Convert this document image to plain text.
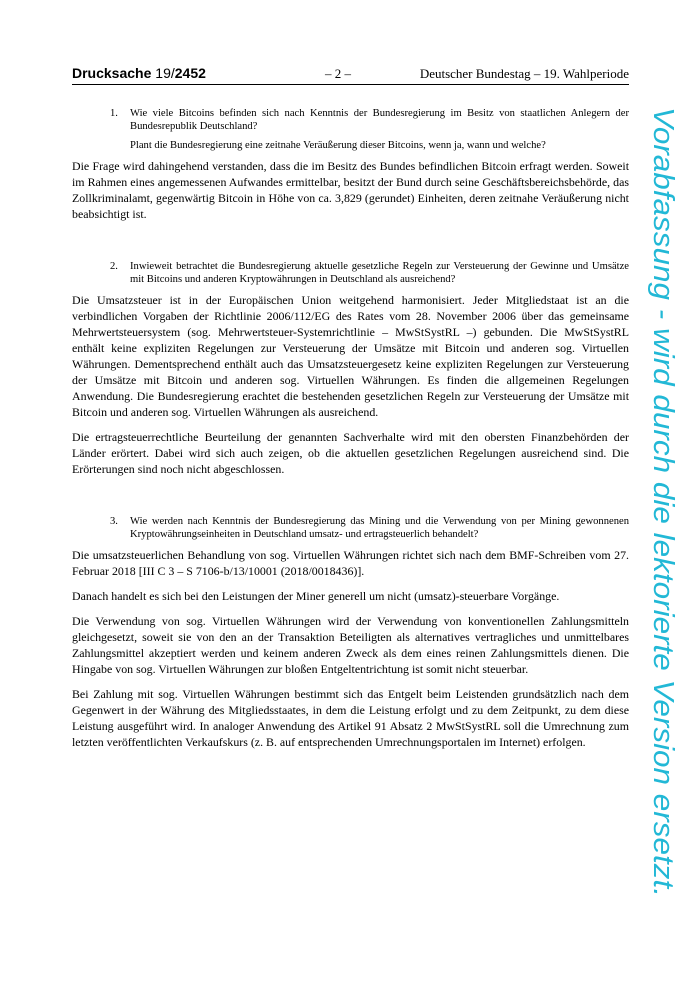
Drucksache 19/2452	– 2 –	Deutscher Bundestag – 19. Wahlperiode
1. Wie viele Bitcoins befinden sich nach Kenntnis der Bundesregierung im Besitz von staatlichen Anlegern der Bundesrepublik Deutschland?

Plant die Bundesregierung eine zeitnahe Veräußerung dieser Bitcoins, wenn ja, wann und welche?

Die Frage wird dahingehend verstanden, dass die im Besitz des Bundes befindlichen Bitcoin erfragt werden. Soweit im Rahmen eines angemessenen Aufwandes ermittelbar, besitzt der Bund durch seine Geschäftsbereichsbehörde, das Zollkriminalamt, gegenwärtig Bitcoin in Höhe von ca. 3,829 (gerundet) Einheiten, deren zeitnahe Veräußerung nicht beabsichtigt ist.

2. Inwieweit betrachtet die Bundesregierung aktuelle gesetzliche Regeln zur Versteuerung der Gewinne und Umsätze mit Bitcoins und anderen Kryptowährungen in Deutschland als ausreichend?

Die Umsatzsteuer ist in der Europäischen Union weitgehend harmonisiert. Jeder Mitgliedstaat ist an die verbindlichen Vorgaben der Richtlinie 2006/112/EG des Rates vom 28. November 2006 über das gemeinsame Mehrwertsteuersystem (sog. Mehrwertsteuer-Systemrichtlinie – MwStSystRL –) gebunden. Die MwStSystRL enthält keine expliziten Regelungen zur Versteuerung der Umsätze mit Bitcoin und anderen sog. Virtuellen Währungen. Dementsprechend enthält auch das Umsatzsteuergesetz keine expliziten Regelungen zur Versteuerung der Umsätze mit Bitcoin und anderen sog. Virtuellen Währungen. Es finden die allgemeinen Regelungen Anwendung. Die Bundesregierung erachtet die bestehenden gesetzlichen Regeln zur Versteuerung der Umsätze mit Bitcoin und anderen sog. Virtuellen Währungen als ausreichend.

Die ertragsteuerrechtliche Beurteilung der genannten Sachverhalte wird mit den obersten Finanzbehörden der Länder erörtert. Dabei wird sich auch zeigen, ob die aktuellen gesetzlichen Regelungen ausreichend sind. Die Erörterungen sind noch nicht abgeschlossen.

3. Wie werden nach Kenntnis der Bundesregierung das Mining und die Verwendung von per Mining gewonnenen Kryptowährungseinheiten in Deutschland umsatz- und ertragsteuerlich behandelt?

Die umsatzsteuerlichen Behandlung von sog. Virtuellen Währungen richtet sich nach dem BMF-Schreiben vom 27. Februar 2018 [III C 3 – S 7106-b/13/10001 (2018/0018436)].

Danach handelt es sich bei den Leistungen der Miner generell um nicht (umsatz)-steuerbare Vorgänge.

Die Verwendung von sog. Virtuellen Währungen wird der Verwendung von konventionellen Zahlungsmitteln gleichgesetzt, soweit sie von den an der Transaktion Beteiligten als alternatives vertragliches und unmittelbares Zahlungsmittel akzeptiert werden und keinem anderen Zweck als dem eines reinen Zahlungsmittels dienen. Die Hingabe von sog. Virtuellen Währungen zur bloßen Entgeltentrichtung ist somit nicht steuerbar.

Bei Zahlung mit sog. Virtuellen Währungen bestimmt sich das Entgelt beim Leistenden grundsätzlich nach dem Gegenwert in der Währung des Mitgliedsstaates, in dem die Leistung erfolgt und zu dem Zeitpunkt, zu dem diese Leistung ausgeführt wird. In analoger Anwendung des Artikel 91 Absatz 2 MwStSystRL soll die Umrechnung zum letzten veröffentlichten Verkaufskurs (z. B. auf entsprechenden Umrechnungsportalen im Internet) erfolgen.	Vorabfassung - wird durch die lektorierte Version ersetzt.
